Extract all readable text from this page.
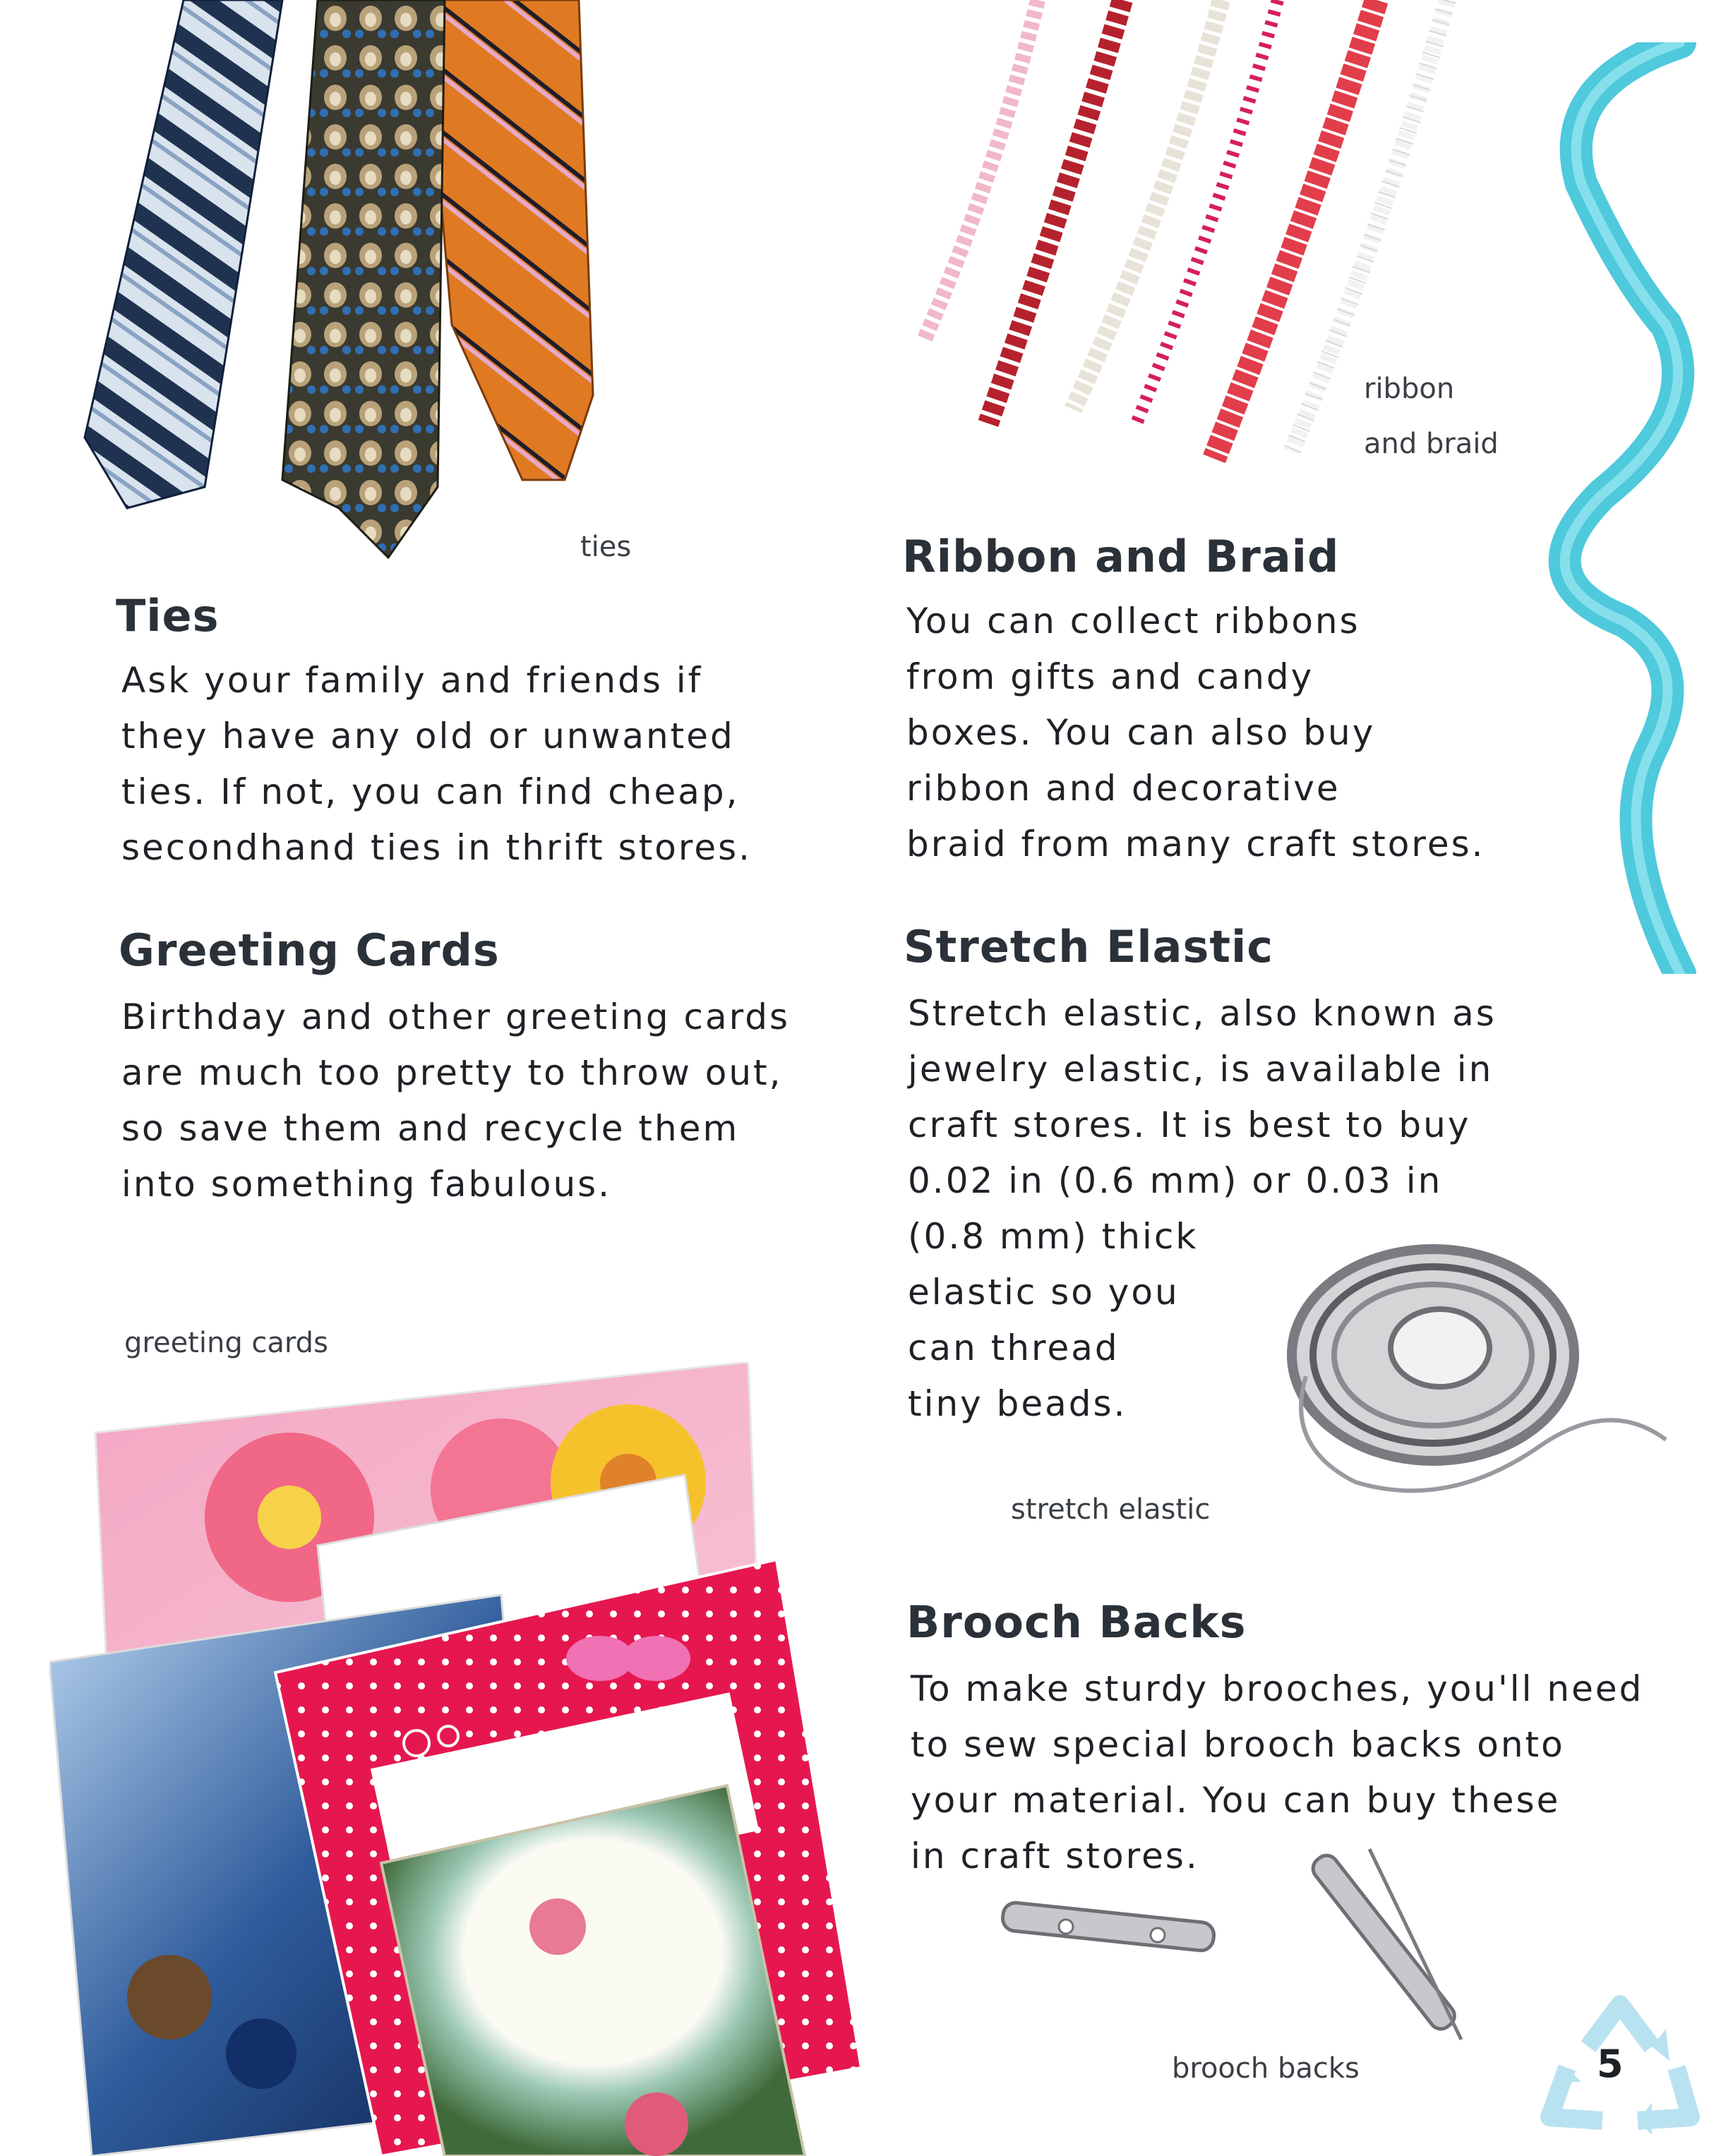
ties
ribbon
and braid
Ties
Ask your family and friends if
they have any old or unwanted
ties. If not, you can find cheap,
secondhand ties in thrift stores.
Greeting Cards
Birthday and other greeting cards
are much too pretty to throw out,
so save them and recycle them
into something fabulous.
greeting cards
Ribbon and Braid
You can collect ribbons
from gifts and candy
boxes. You can also buy
ribbon and decorative
braid from many craft stores.
Stretch Elastic
Stretch elastic, also known as
jewelry elastic, is available in
craft stores. It is best to buy
0.02 in (0.6 mm) or 0.03 in
(0.8 mm) thick
elastic so you
can thread
tiny beads.
stretch elastic
Brooch Backs
To make sturdy brooches, you'll need
to sew special brooch backs onto
your material. You can buy these
in craft stores.
brooch backs	5
